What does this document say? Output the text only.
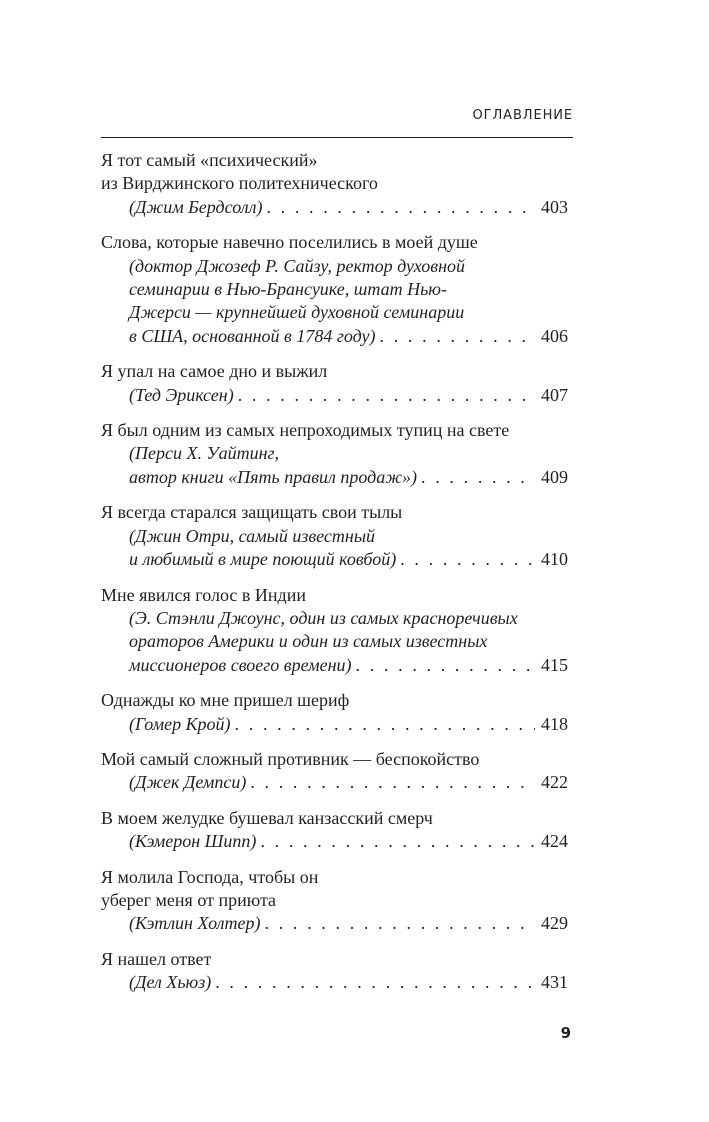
ОГЛАВЛЕНИЕ
Я тот самый «психический»
из Вирджинского политехнического
(Джим Бердсолл) . . .	403
Слова, которые навечно поселились в моей душе
(доктор Джозеф Р. Сайзу, ректор духовной
семинарии в Нью-Брансуике, штат Нью-
Джерси — крупнейшей духовной семинарии
в США, основанной в 1784 году) . . .	406
Я упал на самое дно и выжил
(Тед Эриксен) . . .	407
Я был одним из самых непроходимых тупиц на свете
(Перси Х. Уайтинг,
автор книги «Пять правил продаж») . . .	409
Я всегда старался защищать свои тылы
(Джин Отри, самый известный
и любимый в мире поющий ковбой) . . .	410
Мне явился голос в Индии
(Э. Стэнли Джоунс, один из самых красноречивых
ораторов Америки и один из самых известных
миссионеров своего времени) . . .	415
Однажды ко мне пришел шериф
(Гомер Крой) . . .	418
Мой самый сложный противник — беспокойство
(Джек Демпси) . . .	422
В моем желудке бушевал канзасский смерч
(Кэмерон Шипп) . . .	424
Я молила Господа, чтобы он
уберег меня от приюта
(Кэтлин Холтер) . . .	429
Я нашел ответ
(Дел Хьюз) . . .	431
9
